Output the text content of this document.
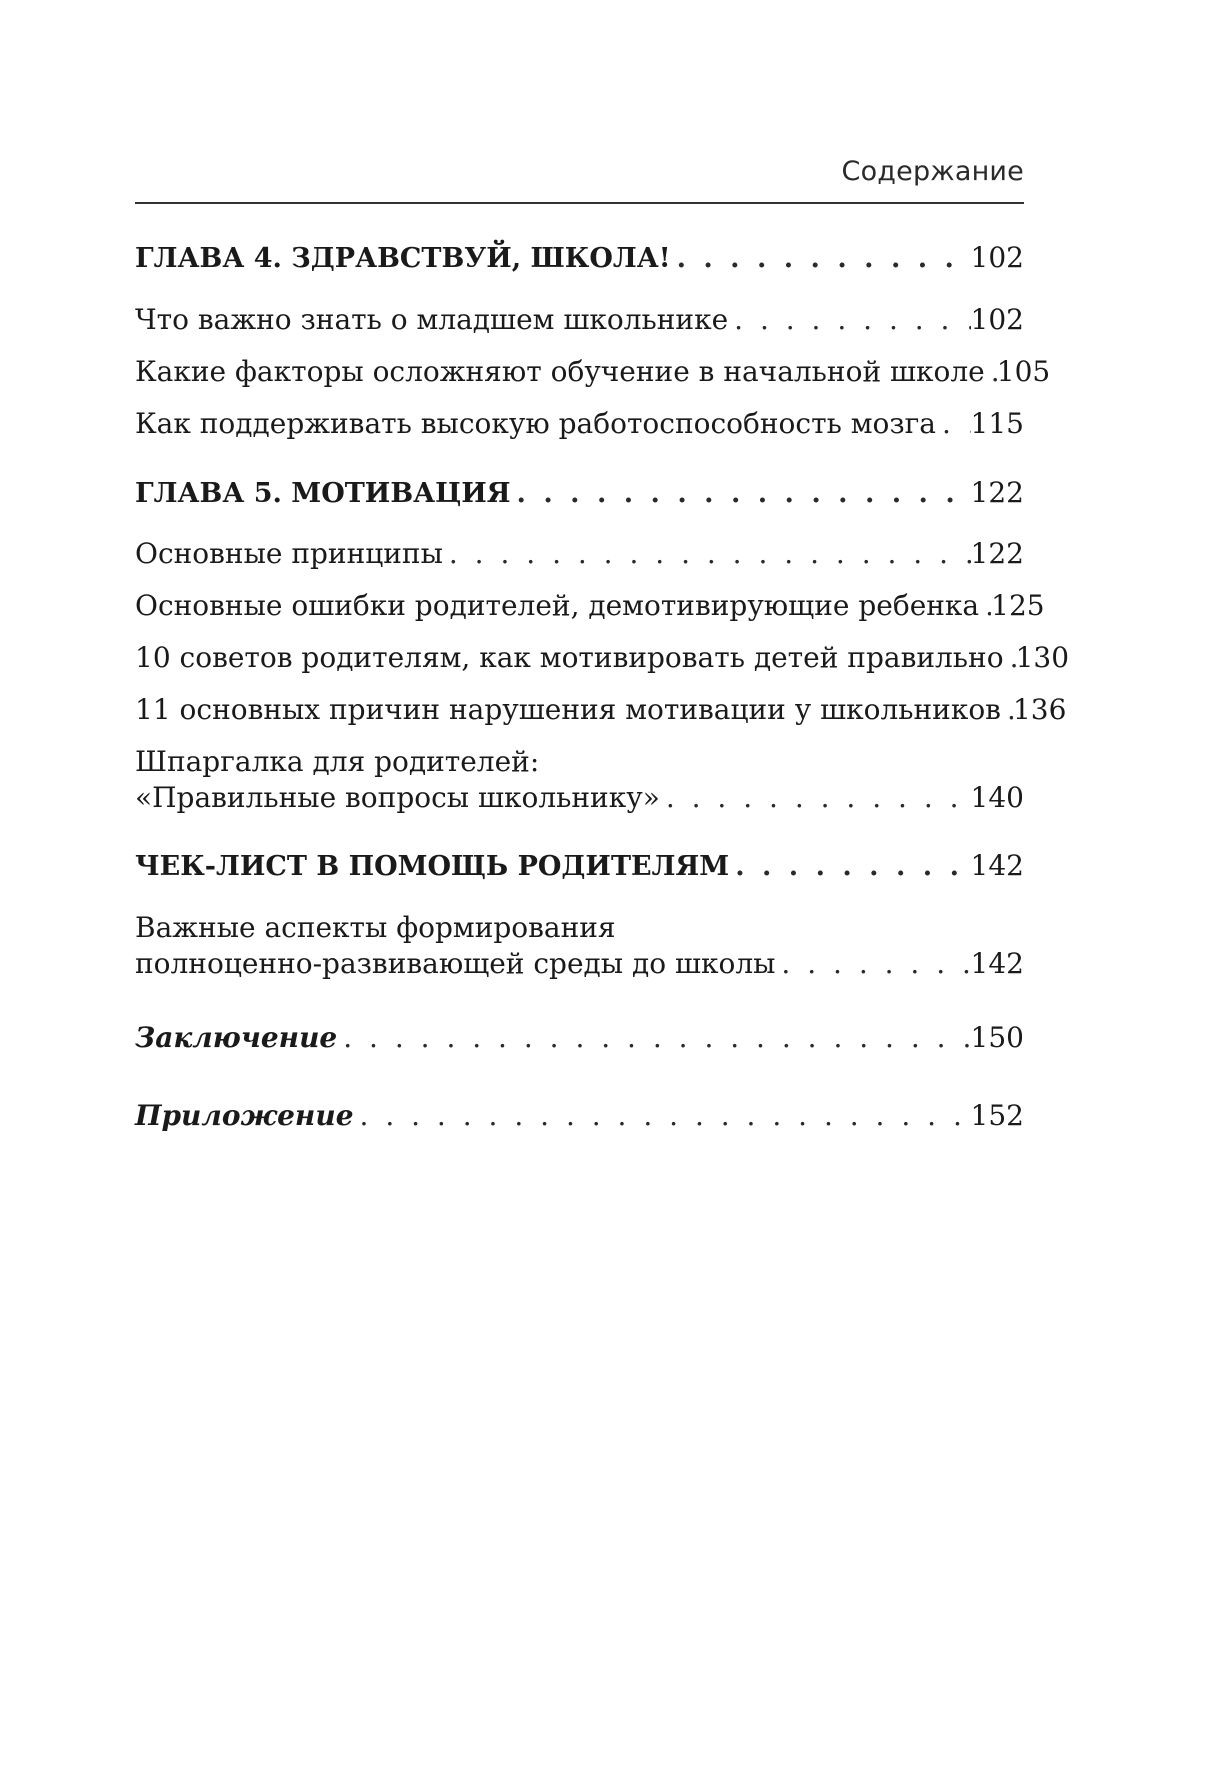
Содержание
ГЛАВА 4. ЗДРАВСТВУЙ, ШКОЛА! . . .	102
Что важно знать о младшем школьнике . . .	102
Какие факторы осложняют обучение в начальной школе . . . 105
Как поддерживать высокую работоспособность мозга . . . 115
ГЛАВА 5. МОТИВАЦИЯ . . .	122
Основные принципы . . .	122
Основные ошибки родителей, демотивирующие ребенка . . . 125
10 советов родителям, как мотивировать детей правильно . . . 130
11 основных причин нарушения мотивации у школьников . . . 136
Шпаргалка для родителей:
«Правильные вопросы школьнику» . . .	140
ЧЕК-ЛИСТ В ПОМОЩЬ РОДИТЕЛЯМ . . .	142
Важные аспекты формирования
полноценно-развивающей среды до школы . . .	142
Заключение . . .	150
Приложение . . .	152
